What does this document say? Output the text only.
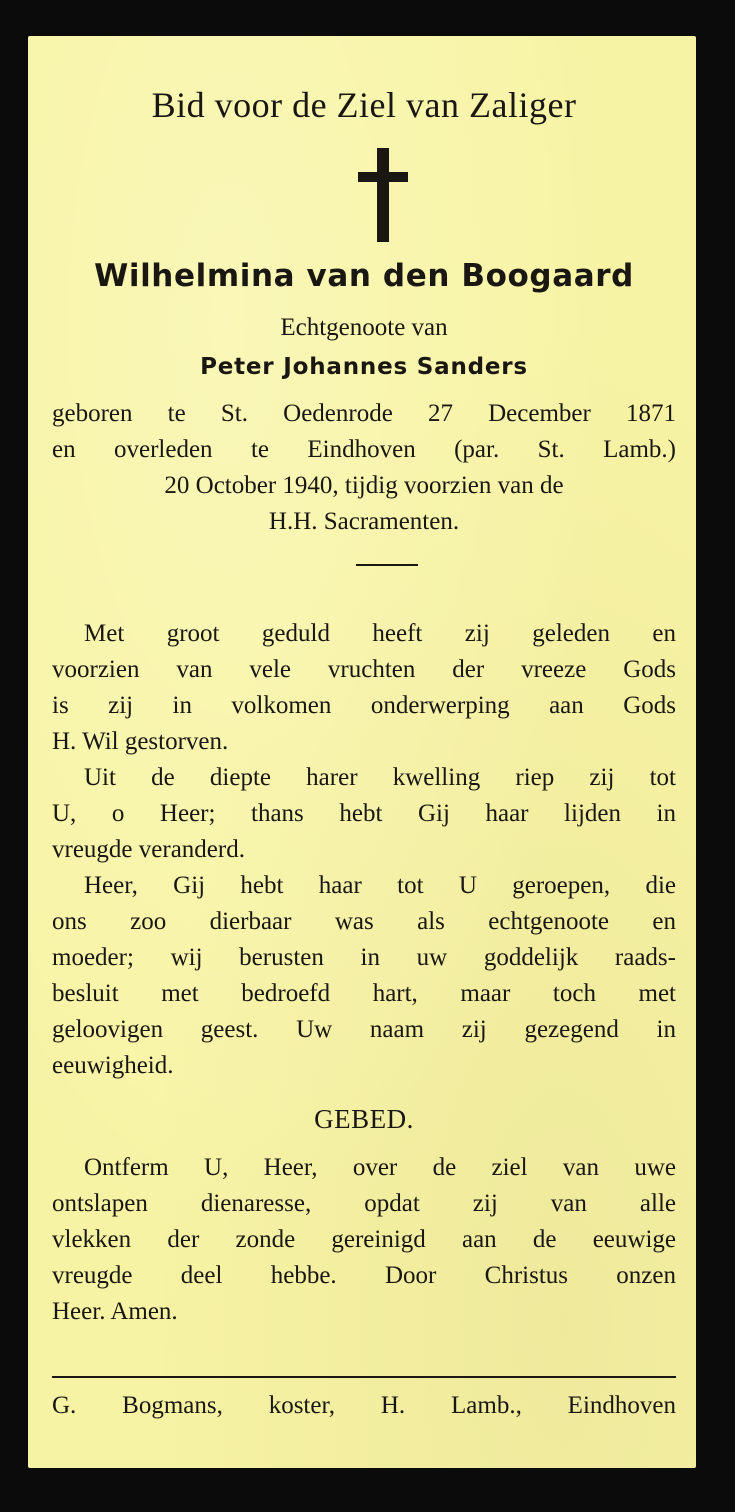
Bid voor de Ziel van Zaliger
Wilhelmina van den Boogaard
Echtgenoote van
Peter Johannes Sanders
geboren te St. Oedenrode 27 December 1871
en overleden te Eindhoven (par. St. Lamb.)
20 October 1940, tijdig voorzien van de
H.H. Sacramenten.
Met groot geduld heeft zij geleden en
voorzien van vele vruchten der vreeze Gods
is zij in volkomen onderwerping aan Gods
H. Wil gestorven.
Uit de diepte harer kwelling riep zij tot
U, o Heer; thans hebt Gij haar lijden in
vreugde veranderd.
Heer, Gij hebt haar tot U geroepen, die
ons zoo dierbaar was als echtgenoote en
moeder; wij berusten in uw goddelijk raads-
besluit met bedroefd hart, maar toch met
geloovigen geest. Uw naam zij gezegend in
eeuwigheid.
GEBED.
Ontferm U, Heer, over de ziel van uwe
ontslapen dienaresse, opdat zij van alle
vlekken der zonde gereinigd aan de eeuwige
vreugde deel hebbe. Door Christus onzen
Heer. Amen.
G. Bogmans, koster, H. Lamb., Eindhoven
